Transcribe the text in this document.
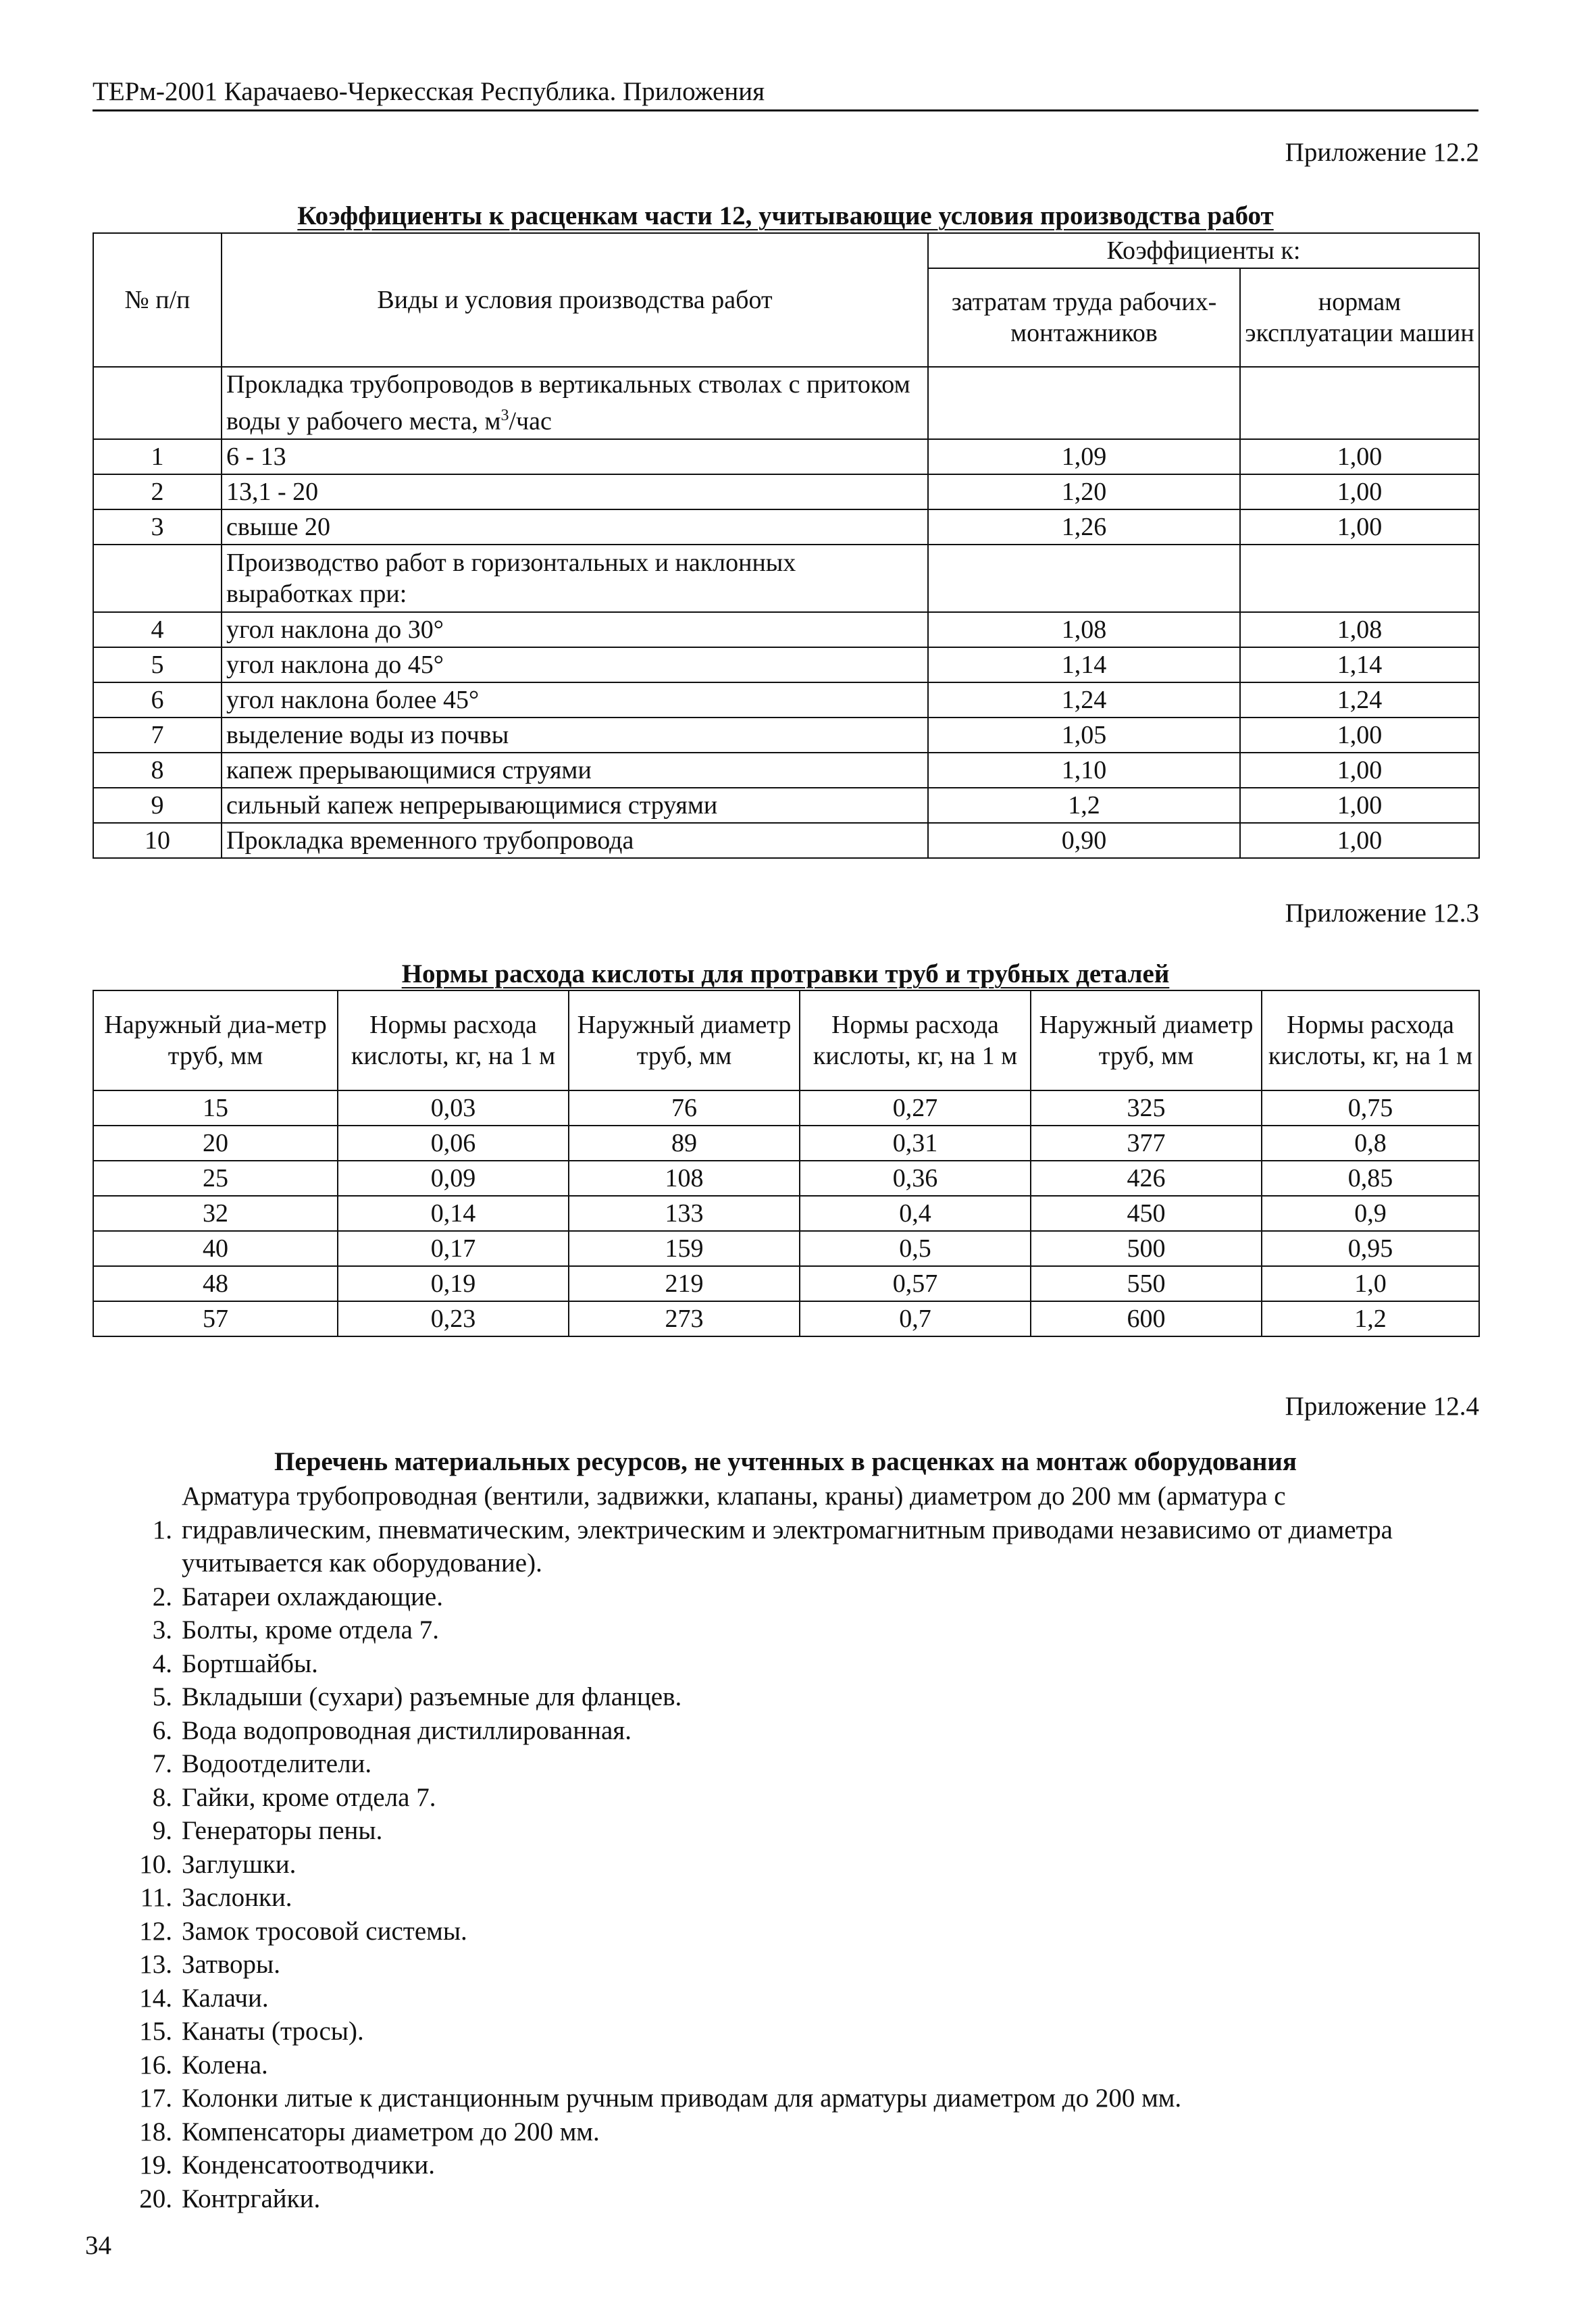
ТЕРм-2001 Карачаево-Черкесская Республика. Приложения
Приложение 12.2
Коэффициенты к расценкам части 12, учитывающие условия производства работ
№ п/п	Виды и условия производства работ	Коэффициенты к:	
		затратам труда рабочих-монтажников	нормам эксплуатации машин
	Прокладка трубопроводов в вертикальных стволах с притоком воды у рабочего места, $м^3$/час		
1	6 - 13	1,09	1,00
2	13,1 - 20	1,20	1,00
3	свыше 20	1,26	1,00
	Производство работ в горизонтальных и наклонных выработках при:		
4	угол наклона до 30°	1,08	1,08
5	угол наклона до 45°	1,14	1,14
6	угол наклона более 45°	1,24	1,24
7	выделение воды из почвы	1,05	1,00
8	капеж прерывающимися струями	1,10	1,00
9	сильный капеж непрерывающимися струями	1,2	1,00
10	Прокладка временного трубопровода	0,90	1,00
Приложение 12.3
Нормы расхода кислоты для протравки труб и трубных деталей
Наружный диа-метр труб, мм	Нормы расхода кислоты, кг, на 1 м	Наружный диаметр труб, мм	Нормы расхода кислоты, кг, на 1 м	Наружный диаметр труб, мм	Нормы расхода кислоты, кг, на 1 м
15	0,03	76	0,27	325	0,75
20	0,06	89	0,31	377	0,8
25	0,09	108	0,36	426	0,85
32	0,14	133	0,4	450	0,9
40	0,17	159	0,5	500	0,95
48	0,19	219	0,57	550	1,0
57	0,23	273	0,7	600	1,2
Приложение 12.4
Перечень материальных ресурсов, не учтенных в расценках на монтаж оборудования
1.
Арматура трубопроводная (вентили, задвижки, клапаны, краны) диаметром до 200 мм (арматура с гидравлическим, пневматическим, электрическим и электромагнитным приводами независимо от диаметра учитывается как оборудование).
2. Батареи охлаждающие.
3. Болты, кроме отдела 7.
4. Бортшайбы.
5. Вкладыши (сухари) разъемные для фланцев.
6. Вода водопроводная дистиллированная.
7. Водоотделители.
8. Гайки, кроме отдела 7.
9. Генераторы пены.
10. Заглушки.
11. Заслонки.
12. Замок тросовой системы.
13. Затворы.
14. Калачи.
15. Канаты (тросы).
16. Колена.
17. Колонки литые к дистанционным ручным приводам для арматуры диаметром до 200 мм.
18. Компенсаторы диаметром до 200 мм.
19. Конденсатоотводчики.
20. Контргайки.
34
